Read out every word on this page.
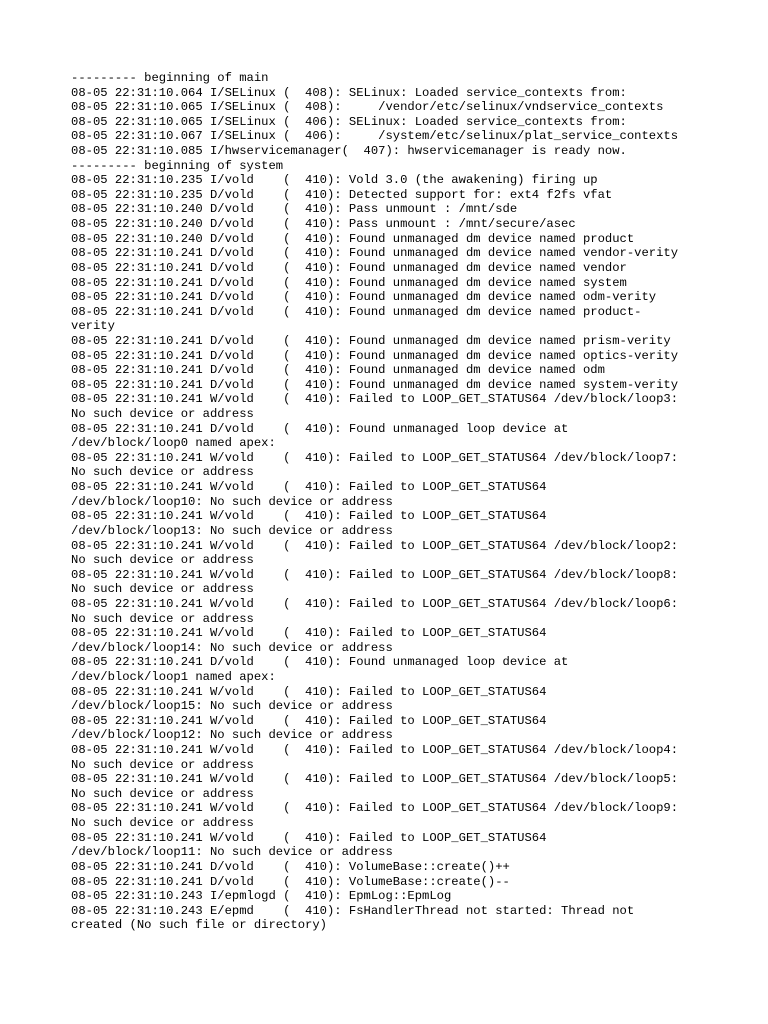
--------- beginning of main
08-05 22:31:10.064 I/SELinux (  408): SELinux: Loaded service_contexts from:
08-05 22:31:10.065 I/SELinux (  408):     /vendor/etc/selinux/vndservice_contexts
08-05 22:31:10.065 I/SELinux (  406): SELinux: Loaded service_contexts from:
08-05 22:31:10.067 I/SELinux (  406):     /system/etc/selinux/plat_service_contexts
08-05 22:31:10.085 I/hwservicemanager(  407): hwservicemanager is ready now.
--------- beginning of system
08-05 22:31:10.235 I/vold    (  410): Vold 3.0 (the awakening) firing up
08-05 22:31:10.235 D/vold    (  410): Detected support for: ext4 f2fs vfat
08-05 22:31:10.240 D/vold    (  410): Pass unmount : /mnt/sde
08-05 22:31:10.240 D/vold    (  410): Pass unmount : /mnt/secure/asec
08-05 22:31:10.240 D/vold    (  410): Found unmanaged dm device named product
08-05 22:31:10.241 D/vold    (  410): Found unmanaged dm device named vendor-verity
08-05 22:31:10.241 D/vold    (  410): Found unmanaged dm device named vendor
08-05 22:31:10.241 D/vold    (  410): Found unmanaged dm device named system
08-05 22:31:10.241 D/vold    (  410): Found unmanaged dm device named odm-verity
08-05 22:31:10.241 D/vold    (  410): Found unmanaged dm device named product-
verity
08-05 22:31:10.241 D/vold    (  410): Found unmanaged dm device named prism-verity
08-05 22:31:10.241 D/vold    (  410): Found unmanaged dm device named optics-verity
08-05 22:31:10.241 D/vold    (  410): Found unmanaged dm device named odm
08-05 22:31:10.241 D/vold    (  410): Found unmanaged dm device named system-verity
08-05 22:31:10.241 W/vold    (  410): Failed to LOOP_GET_STATUS64 /dev/block/loop3:
No such device or address
08-05 22:31:10.241 D/vold    (  410): Found unmanaged loop device at
/dev/block/loop0 named apex:
08-05 22:31:10.241 W/vold    (  410): Failed to LOOP_GET_STATUS64 /dev/block/loop7:
No such device or address
08-05 22:31:10.241 W/vold    (  410): Failed to LOOP_GET_STATUS64
/dev/block/loop10: No such device or address
08-05 22:31:10.241 W/vold    (  410): Failed to LOOP_GET_STATUS64
/dev/block/loop13: No such device or address
08-05 22:31:10.241 W/vold    (  410): Failed to LOOP_GET_STATUS64 /dev/block/loop2:
No such device or address
08-05 22:31:10.241 W/vold    (  410): Failed to LOOP_GET_STATUS64 /dev/block/loop8:
No such device or address
08-05 22:31:10.241 W/vold    (  410): Failed to LOOP_GET_STATUS64 /dev/block/loop6:
No such device or address
08-05 22:31:10.241 W/vold    (  410): Failed to LOOP_GET_STATUS64
/dev/block/loop14: No such device or address
08-05 22:31:10.241 D/vold    (  410): Found unmanaged loop device at
/dev/block/loop1 named apex:
08-05 22:31:10.241 W/vold    (  410): Failed to LOOP_GET_STATUS64
/dev/block/loop15: No such device or address
08-05 22:31:10.241 W/vold    (  410): Failed to LOOP_GET_STATUS64
/dev/block/loop12: No such device or address
08-05 22:31:10.241 W/vold    (  410): Failed to LOOP_GET_STATUS64 /dev/block/loop4:
No such device or address
08-05 22:31:10.241 W/vold    (  410): Failed to LOOP_GET_STATUS64 /dev/block/loop5:
No such device or address
08-05 22:31:10.241 W/vold    (  410): Failed to LOOP_GET_STATUS64 /dev/block/loop9:
No such device or address
08-05 22:31:10.241 W/vold    (  410): Failed to LOOP_GET_STATUS64
/dev/block/loop11: No such device or address
08-05 22:31:10.241 D/vold    (  410): VolumeBase::create()++
08-05 22:31:10.241 D/vold    (  410): VolumeBase::create()--
08-05 22:31:10.243 I/epmlogd (  410): EpmLog::EpmLog
08-05 22:31:10.243 E/epmd    (  410): FsHandlerThread not started: Thread not
created (No such file or directory)
